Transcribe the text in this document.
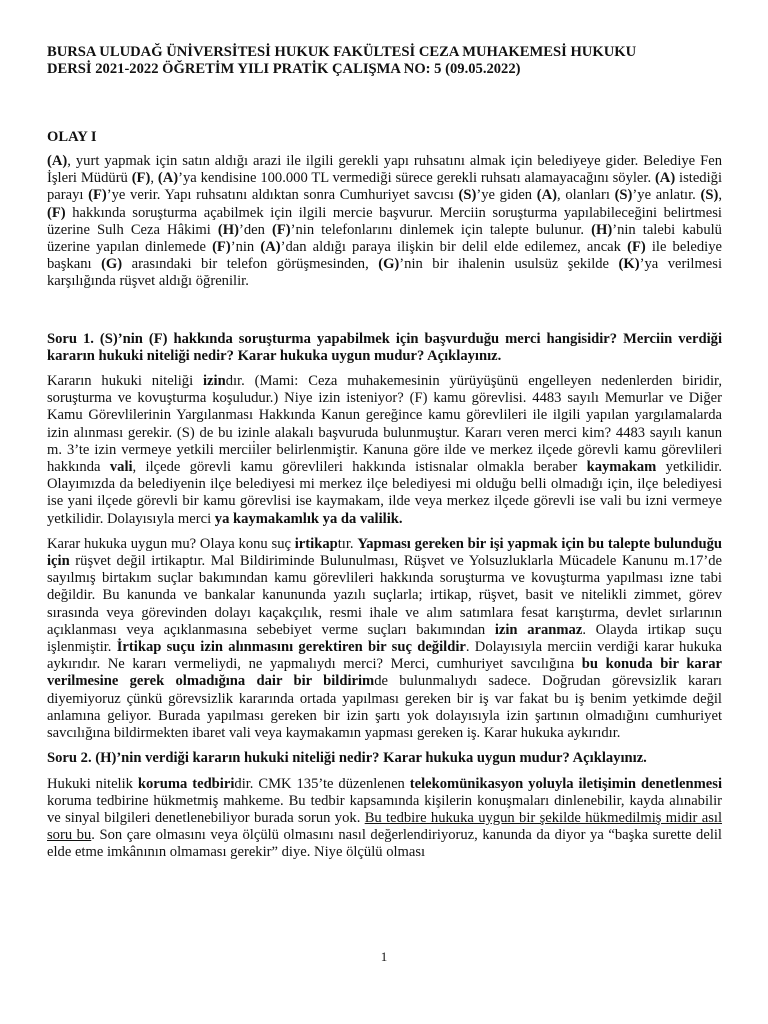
BURSA ULUDAĞ ÜNİVERSİTESİ HUKUK FAKÜLTESİ CEZA MUHAKEMESİ HUKUKU
DERSİ 2021-2022 ÖĞRETİM YILI PRATİK ÇALIŞMA NO: 5 (09.05.2022)
OLAY I

(A), yurt yapmak için satın aldığı arazi ile ilgili gerekli yapı ruhsatını almak için belediyeye gider. Belediye Fen İşleri Müdürü (F), (A)’ya kendisine 100.000 TL vermediği sürece gerekli ruhsatı alamayacağını söyler. (A) istediği parayı (F)’ye verir. Yapı ruhsatını aldıktan sonra Cumhuriyet savcısı (S)’ye giden (A), olanları (S)’ye anlatır. (S), (F) hakkında soruşturma açabilmek için ilgili mercie başvurur. Merciin soruşturma yapılabileceğini belirtmesi üzerine Sulh Ceza Hâkimi (H)’den (F)’nin telefonlarını dinlemek için talepte bulunur. (H)’nin talebi kabulü üzerine yapılan dinlemede (F)’nin (A)’dan aldığı paraya ilişkin bir delil elde edilemez, ancak (F) ile belediye başkanı (G) arasındaki bir telefon görüşmesinden, (G)’nin bir ihalenin usulsüz şekilde (K)’ya verilmesi karşılığında rüşvet aldığı öğrenilir.

Soru 1. (S)’nin (F) hakkında soruşturma yapabilmek için başvurduğu merci hangisidir? Merciin verdiği kararın hukuki niteliği nedir? Karar hukuka uygun mudur? Açıklayınız.

Kararın hukuki niteliği izindır. (Mami: Ceza muhakemesinin yürüyüşünü engelleyen nedenlerden biridir, soruşturma ve kovuşturma koşuludur.) Niye izin isteniyor? (F) kamu görevlisi. 4483 sayılı Memurlar ve Diğer Kamu Görevlilerinin Yargılanması Hakkında Kanun gereğince kamu görevlileri ile ilgili yapılan yargılamalarda izin alınması gerekir. (S) de bu izinle alakalı başvuruda bulunmuştur. Kararı veren merci kim? 4483 sayılı kanun m. 3’te izin vermeye yetkili mercii̇ler belirlenmiştir. Kanuna göre ilde ve merkez ilçede görevli kamu görevlileri hakkında vali, ilçede görevli kamu görevlileri hakkında istisnalar olmakla beraber kaymakam yetkilidir. Olayımızda da belediyenin ilçe belediyesi mi merkez ilçe belediyesi mi olduğu belli olmadığı için, ilçe belediyesi ise yani ilçede görevli bir kamu görevlisi ise kaymakam, ilde veya merkez ilçede görevli ise vali bu izni vermeye yetkilidir. Dolayısıyla merci ya kaymakamlık ya da valilik.

Karar hukuka uygun mu? Olaya konu suç irtikaptır. Yapması gereken bir işi yapmak için bu talepte bulunduğu için rüşvet değil irtikaptır. Mal Bildiriminde Bulunulması, Rüşvet ve Yolsuzluklarla Mücadele Kanunu m.17’de sayılmış birtakım suçlar bakımından kamu görevlileri hakkında soruşturma ve kovuşturma yapılması izne tabi değildir. Bu kanunda ve bankalar kanununda yazılı suçlarla; irtikap, rüşvet, basit ve nitelikli zimmet, görev sırasında veya görevinden dolayı kaçakçılık, resmi ihale ve alım satımlara fesat karıştırma, devlet sırlarının açıklanması veya açıklanmasına sebebiyet verme suçları bakımından izin aranmaz. Olayda irtikap suçu işlenmiştir. İrtikap suçu izin alınmasını gerektiren bir suç değildir. Dolayısıyla merciin verdiği karar hukuka aykırıdır. Ne kararı vermeliydi, ne yapmalıydı merci? Merci, cumhuriyet savcılığına bu konuda bir karar verilmesine gerek olmadığına dair bir bildirimde bulunmalıydı sadece. Doğrudan görevsizlik kararı diyemiyoruz çünkü görevsizlik kararında ortada yapılması gereken bir iş var fakat bu iş benim yetkimde değil anlamına geliyor. Burada yapılması gereken bir izin şartı yok dolayısıyla izin şartının olmadığını cumhuriyet savcılığına bildirmekten ibaret vali veya kaymakamın yapması gereken iş. Karar hukuka aykırıdır.

Soru 2. (H)’nin verdiği kararın hukuki niteliği nedir? Karar hukuka uygun mudur? Açıklayınız.

Hukuki nitelik koruma tedbiridir. CMK 135’te düzenlenen telekomünikasyon yoluyla iletişimin denetlenmesi koruma tedbirine hükmetmiş mahkeme. Bu tedbir kapsamında kişilerin konuşmaları dinlenebilir, kayda alınabilir ve sinyal bilgileri denetlenebiliyor burada sorun yok. Bu tedbire hukuka uygun bir şekilde hükmedilmiş midir asıl soru bu. Son çare olmasını veya ölçülü olmasını nasıl değerlendiriyoruz, kanunda da diyor ya “başka surette delil elde etme imkânının olmaması gerekir” diye. Niye ölçülü olması

1
